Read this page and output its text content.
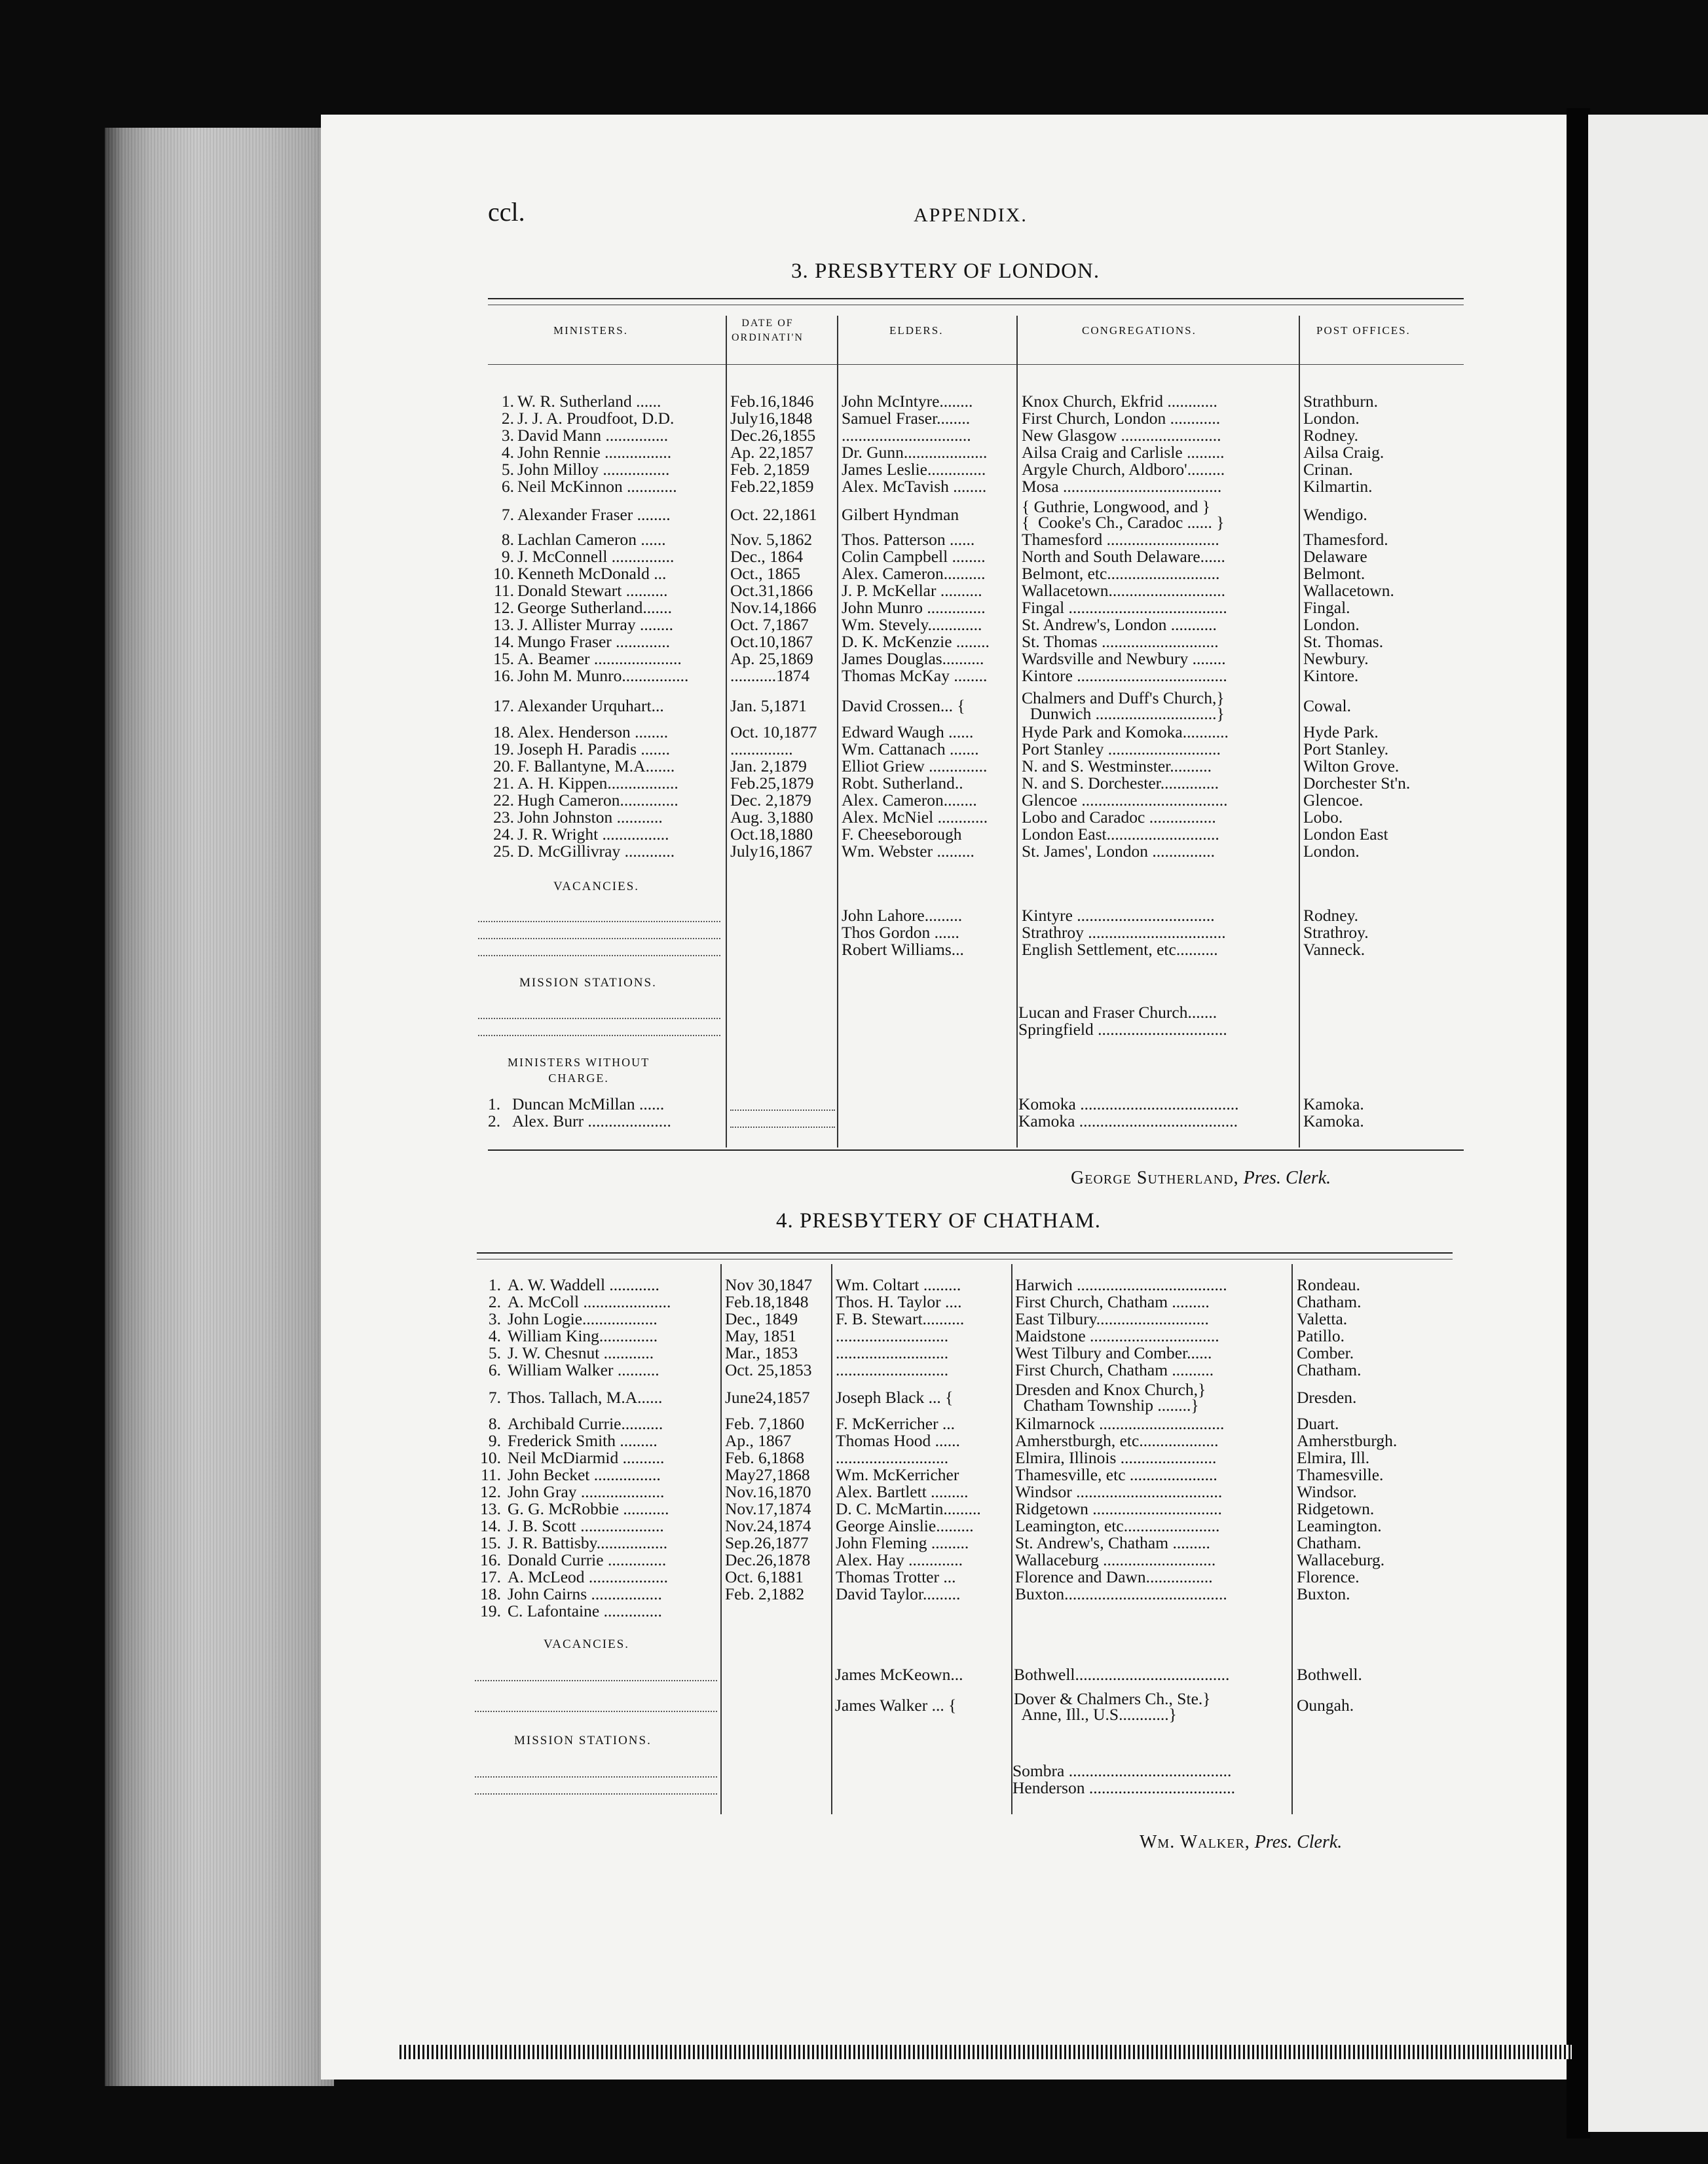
ccl.	APPENDIX.
3. PRESBYTERY OF LONDON.
MINISTERS.
DATE OF
ORDINATI'N
ELDERS.	CONGREGATIONS.	POST OFFICES.
1. W. R. Sutherland ......	Feb.16,1846 John McIntyre........	Knox Church, Ekfrid ............	Strathburn.
2. J. J. A. Proudfoot, D.D.	July16,1848 Samuel Fraser........	First Church, London ............	London.
3. David Mann ...............	Dec.26,1855 ...............................	New Glasgow ........................	Rodney.
4. John Rennie ................	Ap. 22,1857 Dr. Gunn.................... Ailsa Craig and Carlisle .........	Ailsa Craig.
5. John Milloy ................	Feb. 2,1859 James Leslie.............. Argyle Church, Aldboro'.........	Crinan.
6. Neil McKinnon ............	Feb.22,1859 Alex. McTavish ........ Mosa ......................................	Kilmartin.
7. Alexander Fraser ........	Oct. 22,1861 Gilbert Hyndman	{ Guthrie, Longwood, and }
{  Cooke's Ch., Caradoc ...... }	Wendigo.
8. Lachlan Cameron ......	Nov. 5,1862 Thos. Patterson ......	Thamesford ...........................	Thamesford.
9. J. McConnell ...............	Dec., 1864 Colin Campbell ........ North and South Delaware......	Delaware
10. Kenneth McDonald ...	Oct., 1865 Alex. Cameron.......... Belmont, etc...........................	Belmont.
11. Donald Stewart ..........	Oct.31,1866 J. P. McKellar .......... Wallacetown............................	Wallacetown.
12. George Sutherland.......	Nov.14,1866 John Munro .............. Fingal ......................................	Fingal.
13. J. Allister Murray ........	Oct. 7,1867 Wm. Stevely............. St. Andrew's, London ...........	London.
14. Mungo Fraser .............	Oct.10,1867 D. K. McKenzie ........ St. Thomas ............................	St. Thomas.
15. A. Beamer .....................	Ap. 25,1869 James Douglas.......... Wardsville and Newbury ........	Newbury.
16. John M. Munro................ ...........1874 Thomas McKay ........ Kintore ....................................	Kintore.
17. Alexander Urquhart...	Jan. 5,1871 David Crossen... {	Chalmers and Duff's Church,}
Dunwich .............................}	Cowal.
18. Alex. Henderson ........	Oct. 10,1877 Edward Waugh ......	Hyde Park and Komoka...........	Hyde Park.
19. Joseph H. Paradis .......	...............	Wm. Cattanach .......	Port Stanley ...........................	Port Stanley.
20. F. Ballantyne, M.A.......	Jan. 2,1879 Elliot Griew .............. N. and S. Westminster..........	Wilton Grove.
21. A. H. Kippen.................	Feb.25,1879 Robt. Sutherland..	N. and S. Dorchester..............	Dorchester St'n.
22. Hugh Cameron..............	Dec. 2,1879 Alex. Cameron........	Glencoe ...................................	Glencoe.
23. John Johnston ...........	Aug. 3,1880 Alex. McNiel ............ Lobo and Caradoc ................	Lobo.
24. J. R. Wright ................	Oct.18,1880 F. Cheeseborough	London East...........................	London East
25. D. McGillivray ............	July16,1867 Wm. Webster .........	St. James', London ...............	London.
VACANCIES.
John Lahore.........	Kintyre .................................	Rodney.
Thos Gordon ......	Strathroy .................................	Strathroy.
Robert Williams...	English Settlement, etc..........	Vanneck.
MISSION STATIONS.
Lucan and Fraser Church.......
Springfield ...............................
MINISTERS WITHOUT
CHARGE.
1. Duncan McMillan ......	Komoka ......................................	Kamoka.
2. Alex. Burr ....................	Kamoka ......................................	Kamoka.
George Sutherland, Pres. Clerk.
4. PRESBYTERY OF CHATHAM.
1. A. W. Waddell ............	Nov 30,1847 Wm. Coltart .........	Harwich ....................................	Rondeau.
2. A. McColl .....................	Feb.18,1848 Thos. H. Taylor ....	First Church, Chatham .........	Chatham.
3. John Logie..................	Dec., 1849 F. B. Stewart..........	East Tilbury...........................	Valetta.
4. William King..............	May, 1851 ...........................	Maidstone ...............................	Patillo.
5. J. W. Chesnut ............	Mar., 1853 ...........................	West Tilbury and Comber......	Comber.
6. William Walker ..........	Oct. 25,1853 ...........................	First Church, Chatham ..........	Chatham.
7. Thos. Tallach, M.A......	June24,1857 Joseph Black ... {	Dresden and Knox Church,}
Chatham Township ........}	Dresden.
8. Archibald Currie..........	Feb. 7,1860 F. McKerricher ...	Kilmarnock ..............................	Duart.
9. Frederick Smith .........	Ap., 1867	Thomas Hood ......	Amherstburgh, etc...................	Amherstburgh.
10. Neil McDiarmid ..........	Feb. 6,1868 ...........................	Elmira, Illinois .......................	Elmira, Ill.
11. John Becket ................	May27,1868 Wm. McKerricher	Thamesville, etc .....................	Thamesville.
12. John Gray ....................	Nov.16,1870 Alex. Bartlett .........	Windsor ...................................	Windsor.
13. G. G. McRobbie ...........	Nov.17,1874 D. C. McMartin......... Ridgetown ...............................	Ridgetown.
14. J. B. Scott ....................	Nov.24,1874 George Ainslie......... Leamington, etc.......................	Leamington.
15. J. R. Battisby.................	Sep.26,1877 John Fleming .........	St. Andrew's, Chatham .........	Chatham.
16. Donald Currie ..............	Dec.26,1878 Alex. Hay .............	Wallaceburg ...........................	Wallaceburg.
17. A. McLeod ...................	Oct. 6,1881 Thomas Trotter ...	Florence and Dawn................	Florence.
18. John Cairns .................	Feb. 2,1882 David Taylor.........	Buxton.......................................	Buxton.
19. C. Lafontaine ..............
VACANCIES.
James McKeown...	Bothwell.....................................	Bothwell.
James Walker ... {	Dover & Chalmers Ch., Ste.}
Anne, Ill., U.S............}	Oungah.
MISSION STATIONS.
Sombra .......................................
Henderson ...................................
Wm. Walker, Pres. Clerk.
